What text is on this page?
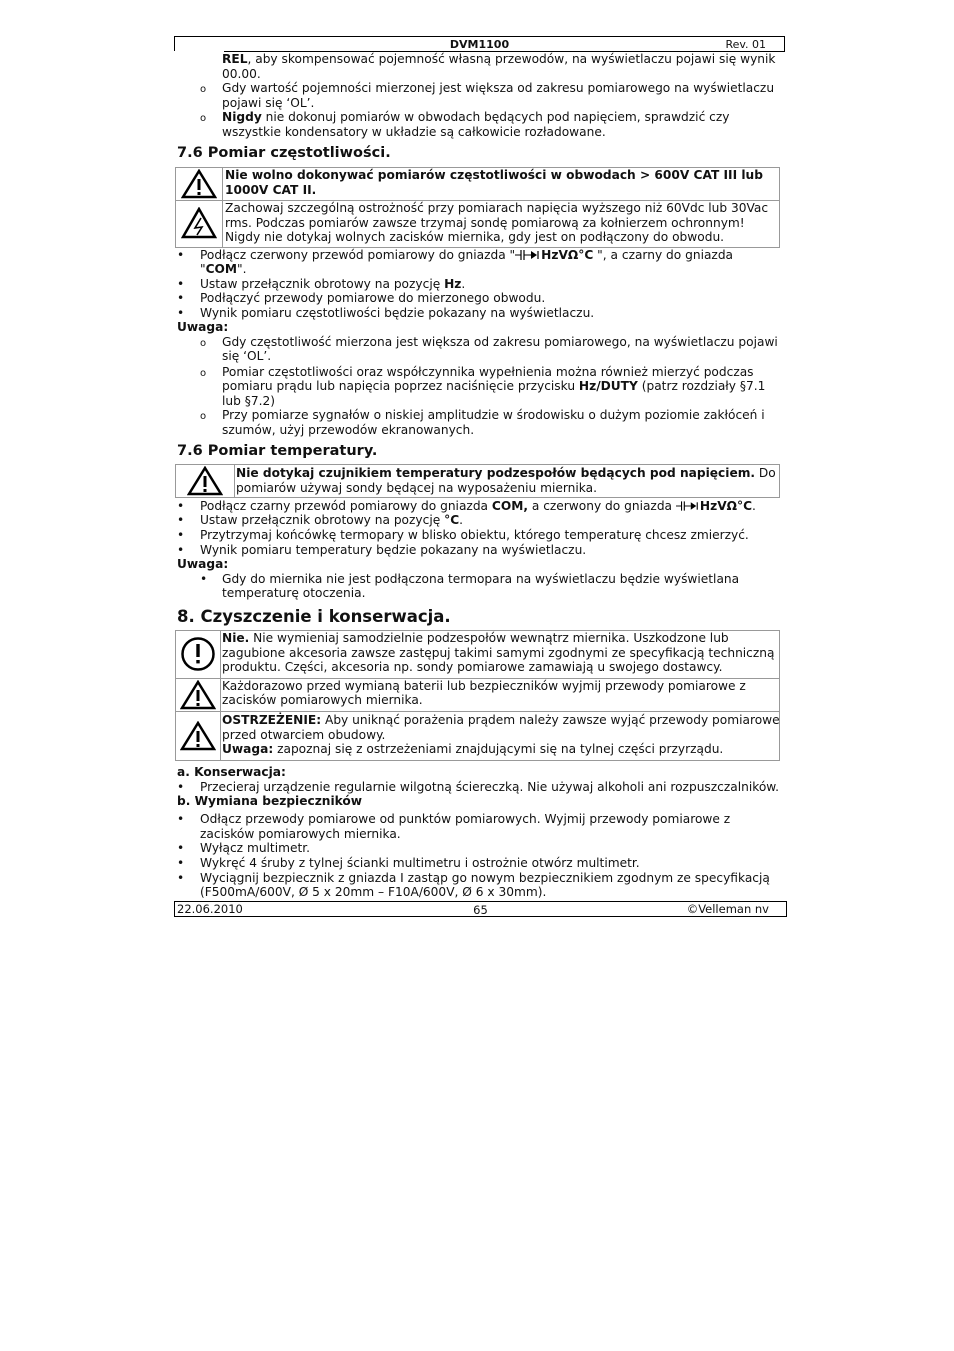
DVM1100	Rev. 01
REL, aby skompensować pojemność własną przewodów, na wyświetlaczu pojawi się wynik
00.00.
o Gdy wartość pojemności mierzonej jest większa od zakresu pomiarowego na wyświetlaczu
pojawi się ‘OL’.
o Nigdy nie dokonuj pomiarów w obwodach będących pod napięciem, sprawdzić czy
wszystkie kondensatory w układzie są całkowicie rozładowane.
7.6 Pomiar częstotliwości.
Nie wolno dokonywać pomiarów częstotliwości w obwodach > 600V CAT III lub
1000V CAT II.
Zachowaj szczególną ostrożność przy pomiarach napięcia wyższego niż 60Vdc lub 30Vac
rms. Podczas pomiarów zawsze trzymaj sondę pomiarową za kołnierzem ochronnym!
Nigdy nie dotykaj wolnych zacisków miernika, gdy jest on podłączony do obwodu.
• Podłącz czerwony przewód pomiarowy do gniazda " HzVΩ°C ", a czarny do gniazda
"COM".
• Ustaw przełącznik obrotowy na pozycję Hz.
• Podłączyć przewody pomiarowe do mierzonego obwodu.
• Wynik pomiaru częstotliwości będzie pokazany na wyświetlaczu.
Uwaga:
o Gdy częstotliwość mierzona jest większa od zakresu pomiarowego, na wyświetlaczu pojawi
się ‘OL’.
o Pomiar częstotliwości oraz współczynnika wypełnienia można również mierzyć podczas
pomiaru prądu lub napięcia poprzez naciśnięcie przycisku Hz/DUTY (patrz rozdziały §7.1
lub §7.2)
o Przy pomiarze sygnałów o niskiej amplitudzie w środowisku o dużym poziomie zakłóceń i
szumów, użyj przewodów ekranowanych.
7.6 Pomiar temperatury.
Nie dotykaj czujnikiem temperatury podzespołów będących pod napięciem. Do
pomiarów używaj sondy będącej na wyposażeniu miernika.
• Podłącz czarny przewód pomiarowy do gniazda COM, a czerwony do gniazda HzVΩ°C.
• Ustaw przełącznik obrotowy na pozycję °C.
• Przytrzymaj końcówkę termopary w blisko obiektu, którego temperaturę chcesz zmierzyć.
• Wynik pomiaru temperatury będzie pokazany na wyświetlaczu.
Uwaga:
• Gdy do miernika nie jest podłączona termopara na wyświetlaczu będzie wyświetlana
temperaturę otoczenia.
8. Czyszczenie i konserwacja.
Nie. Nie wymieniaj samodzielnie podzespołów wewnątrz miernika. Uszkodzone lub
zagubione akcesoria zawsze zastępuj takimi samymi zgodnymi ze specyfikacją techniczną
produktu. Części, akcesoria np. sondy pomiarowe zamawiają u swojego dostawcy.
Każdorazowo przed wymianą baterii lub bezpieczników wyjmij przewody pomiarowe z
zacisków pomiarowych miernika.
OSTRZEŻENIE: Aby uniknąć porażenia prądem należy zawsze wyjąć przewody pomiarowe
przed otwarciem obudowy.
Uwaga: zapoznaj się z ostrzeżeniami znajdującymi się na tylnej części przyrządu.
a. Konserwacja:
• Przecieraj urządzenie regularnie wilgotną ściereczką. Nie używaj alkoholi ani rozpuszczalników.
b. Wymiana bezpieczników
• Odłącz przewody pomiarowe od punktów pomiarowych. Wyjmij przewody pomiarowe z
zacisków pomiarowych miernika.
• Wyłącz multimetr.
• Wykręć 4 śruby z tylnej ścianki multimetru i ostrożnie otwórz multimetr.
• Wyciągnij bezpiecznik z gniazda I zastąp go nowym bezpiecznikiem zgodnym ze specyfikacją
(F500mA/600V, Ø 5 x 20mm – F10A/600V, Ø 6 x 30mm).
22.06.2010	65	©Velleman nv
